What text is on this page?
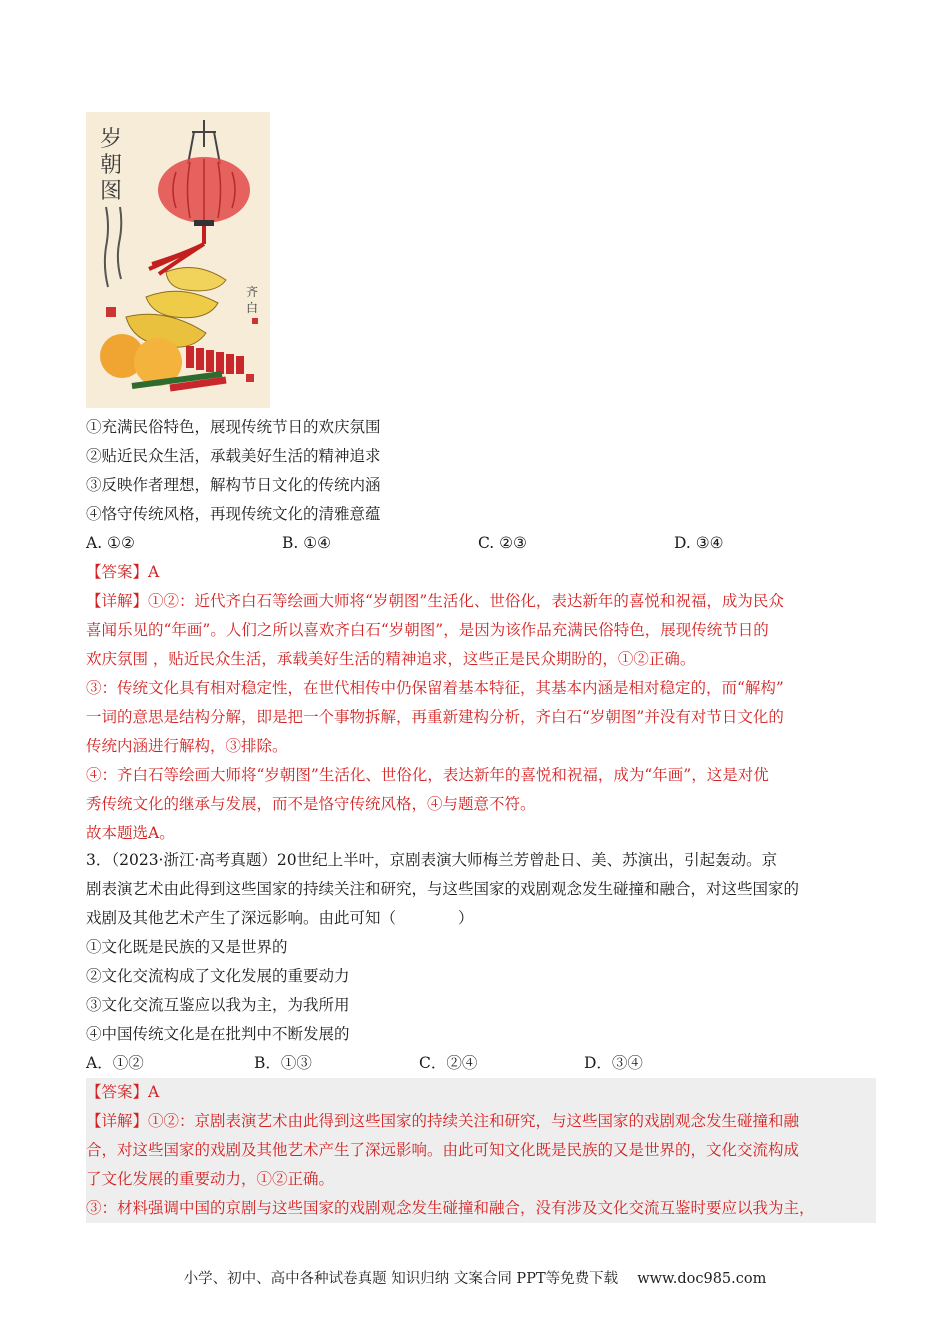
岁
朝
图
齐
白
①充满民俗特色，展现传统节日的欢庆氛围
②贴近民众生活，承载美好生活的精神追求
③反映作者理想，解构节日文化的传统内涵
④恪守传统风格，再现传统文化的清雅意蕴
A. ①②	B. ①④	C. ②③	D. ③④
【答案】A
【详解】①②：近代齐白石等绘画大师将“岁朝图”生活化、世俗化，表达新年的喜悦和祝福，成为民众
喜闻乐见的“年画”。人们之所以喜欢齐白石“岁朝图”，是因为该作品充满民俗特色，展现传统节日的
欢庆氛围 ，贴近民众生活，承载美好生活的精神追求，这些正是民众期盼的，①②正确。
③：传统文化具有相对稳定性，在世代相传中仍保留着基本特征，其基本内涵是相对稳定的，而“解构”
一词的意思是结构分解，即是把一个事物拆解，再重新建构分析，齐白石“岁朝图”并没有对节日文化的
传统内涵进行解构，③排除。
④：齐白石等绘画大师将“岁朝图”生活化、世俗化，表达新年的喜悦和祝福，成为“年画”，这是对优
秀传统文化的继承与发展，而不是恪守传统风格，④与题意不符。
故本题选A。
3．（2023·浙江·高考真题）20世纪上半叶，京剧表演大师梅兰芳曾赴日、美、苏演出，引起轰动。京
剧表演艺术由此得到这些国家的持续关注和研究，与这些国家的戏剧观念发生碰撞和融合，对这些国家的
戏剧及其他艺术产生了深远影响。由此可知（　　　　）
①文化既是民族的又是世界的
②文化交流构成了文化发展的重要动力
③文化交流互鉴应以我为主，为我所用
④中国传统文化是在批判中不断发展的
A．①②	B．①③	C．②④	D．③④
【答案】A
【详解】①②：京剧表演艺术由此得到这些国家的持续关注和研究，与这些国家的戏剧观念发生碰撞和融
合，对这些国家的戏剧及其他艺术产生了深远影响。由此可知文化既是民族的又是世界的，文化交流构成
了文化发展的重要动力，①②正确。
③：材料强调中国的京剧与这些国家的戏剧观念发生碰撞和融合，没有涉及文化交流互鉴时要应以我为主，
小学、初中、高中各种试卷真题 知识归纳 文案合同 PPT等免费下载　 www.doc985.com
